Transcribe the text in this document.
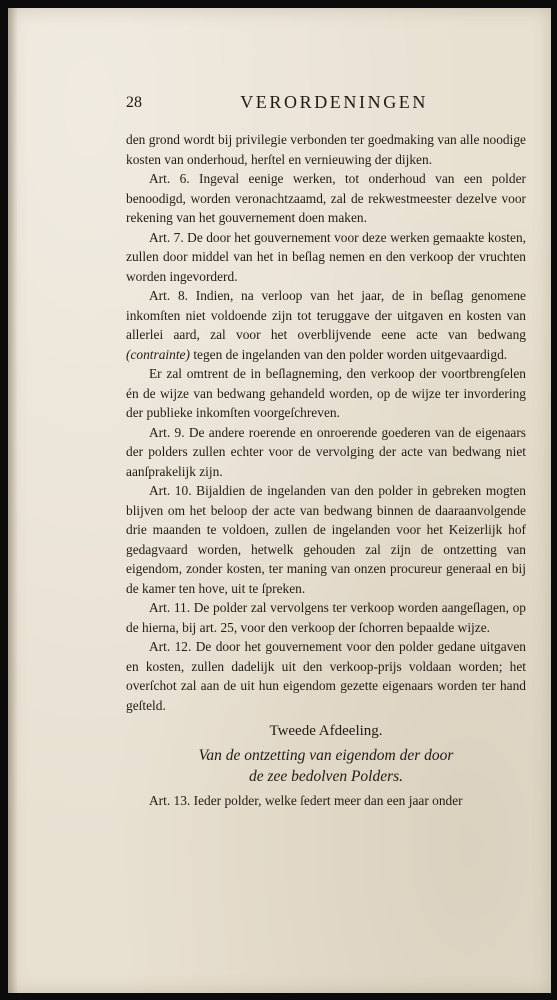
28	VERORDENINGEN

den grond wordt bij privilegie verbonden ter goedmaking van alle noodige kosten van onderhoud, herſtel en vernieuwing der dijken.

Art. 6. Ingeval eenige werken, tot onderhoud van een polder benoodigd, worden veronachtzaamd, zal de rekwestmeester dezelve voor rekening van het gouvernement doen maken.

Art. 7. De door het gouvernement voor deze werken gemaakte kosten, zullen door middel van het in beſlag nemen en den verkoop der vruchten worden ingevorderd.

Art. 8. Indien, na verloop van het jaar, de in beſlag genomene inkomſten niet voldoende zijn tot teruggave der uitgaven en kosten van allerlei aard, zal voor het overblijvende eene acte van bedwang (contrainte) tegen de ingelanden van den polder worden uitgevaardigd.

Er zal omtrent de in beſlagneming, den verkoop der voortbrengſelen én de wijze van bedwang gehandeld worden, op de wijze ter invordering der publieke inkomſten voorgeſchreven.

Art. 9. De andere roerende en onroerende goederen van de eigenaars der polders zullen echter voor de vervolging der acte van bedwang niet aanſprakelijk zijn.

Art. 10. Bijaldien de ingelanden van den polder in gebreken mogten blijven om het beloop der acte van bedwang binnen de daaraanvolgende drie maanden te voldoen, zullen de ingelanden voor het Keizerlijk hof gedagvaard worden, hetwelk gehouden zal zijn de ontzetting van eigendom, zonder kosten, ter maning van onzen procureur generaal en bij de kamer ten hove, uit te ſpreken.

Art. 11. De polder zal vervolgens ter verkoop worden aangeſlagen, op de hierna, bij art. 25, voor den verkoop der ſchorren bepaalde wijze.

Art. 12. De door het gouvernement voor den polder gedane uitgaven en kosten, zullen dadelijk uit den verkoop-prijs voldaan worden; het overſchot zal aan de uit hun eigendom gezette eigenaars worden ter hand geſteld.

Tweede Afdeeling.

Van de ontzetting van eigendom der door
de zee bedolven Polders.

Art. 13. Ieder polder, welke ſedert meer dan een jaar onder
